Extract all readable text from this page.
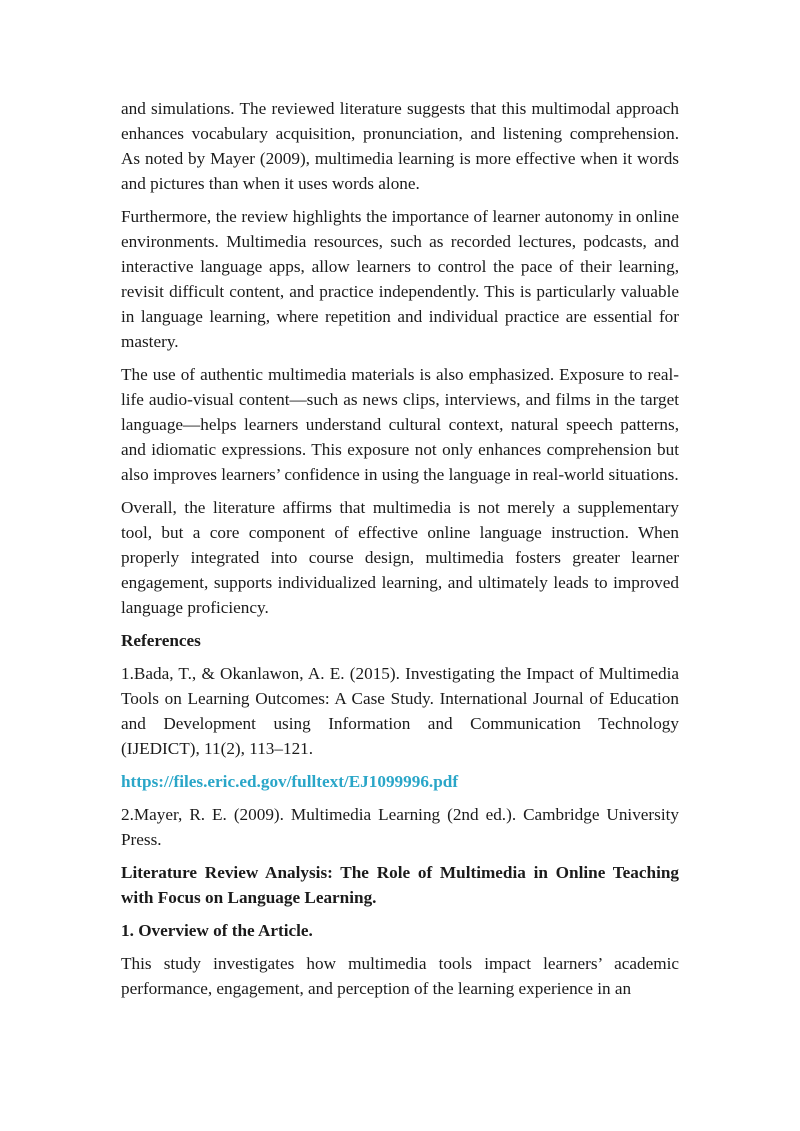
and simulations. The reviewed literature suggests that this multimodal approach enhances vocabulary acquisition, pronunciation, and listening comprehension. As noted by Mayer (2009), multimedia learning is more effective when it words and pictures than when it uses words alone.

Furthermore, the review highlights the importance of learner autonomy in online environments. Multimedia resources, such as recorded lectures, podcasts, and interactive language apps, allow learners to control the pace of their learning, revisit difficult content, and practice independently. This is particularly valuable in language learning, where repetition and individual practice are essential for mastery.

The use of authentic multimedia materials is also emphasized. Exposure to real-life audio-visual content—such as news clips, interviews, and films in the target language—helps learners understand cultural context, natural speech patterns, and idiomatic expressions. This exposure not only enhances comprehension but also improves learners’ confidence in using the language in real-world situations.

Overall, the literature affirms that multimedia is not merely a supplementary tool, but a core component of effective online language instruction. When properly integrated into course design, multimedia fosters greater learner engagement, supports individualized learning, and ultimately leads to improved language proficiency.

References

1.Bada, T., & Okanlawon, A. E. (2015). Investigating the Impact of Multimedia Tools on Learning Outcomes: A Case Study. International Journal of Education and Development using Information and Communication Technology (IJEDICT), 11(2), 113–121.

https://files.eric.ed.gov/fulltext/EJ1099996.pdf

2.Mayer, R. E. (2009). Multimedia Learning (2nd ed.). Cambridge University Press.

Literature Review Analysis: The Role of Multimedia in Online Teaching with Focus on Language Learning.

1. Overview of the Article.

This study investigates how multimedia tools impact learners’ academic performance, engagement, and perception of the learning experience in an
